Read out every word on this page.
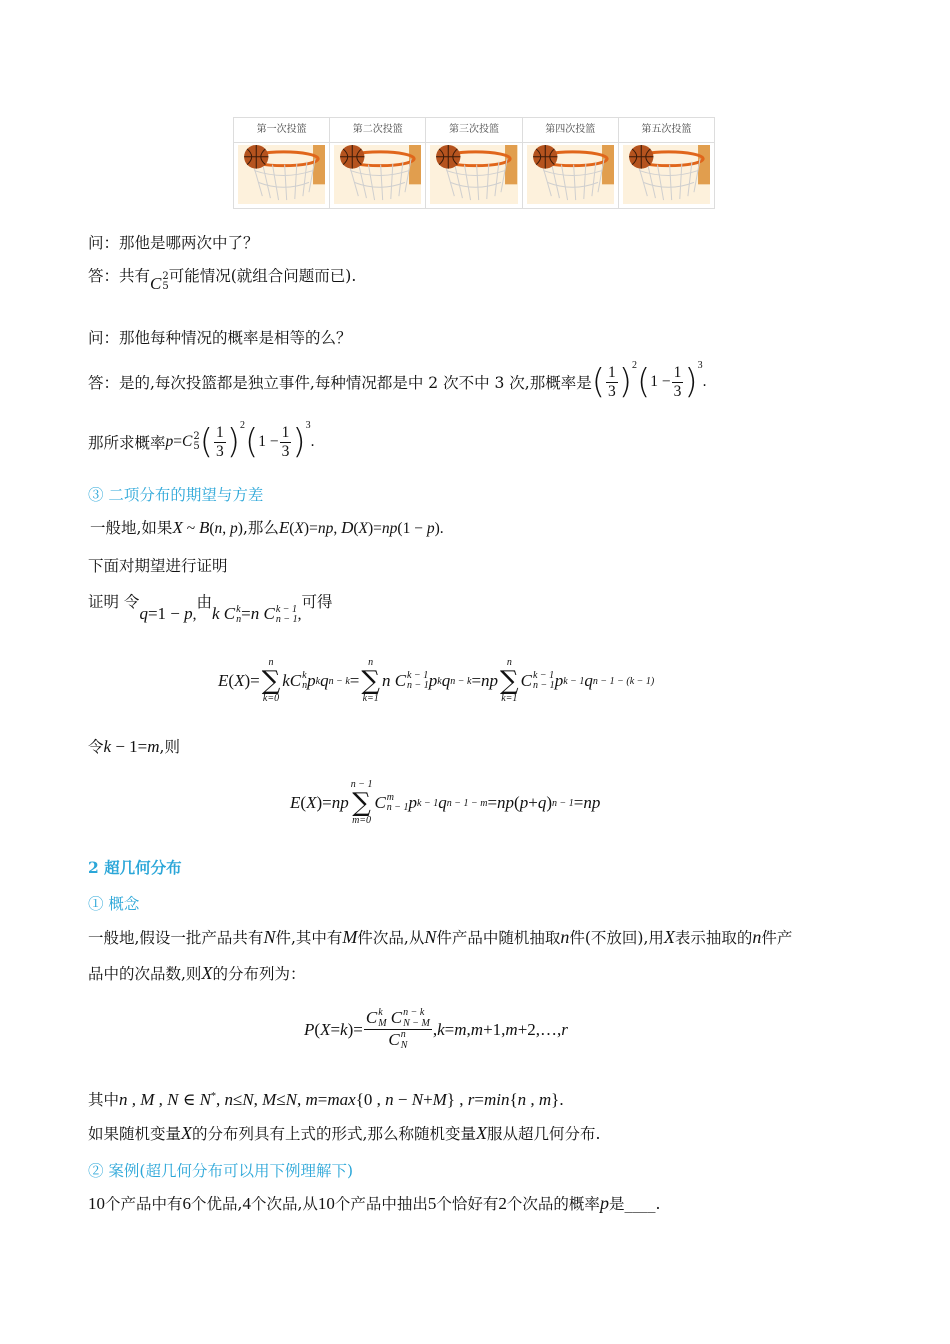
第一次投篮	第二次投篮	第三次投篮	第四次投篮	第五次投篮
问：那他是哪两次中了？
答：共有C 2
5
可能情况(就组合问题而已).
问：那他每种情况的概率是相等的么？
答：是的,每次投篮都是独立事件,每种情况都是中 2 次不中 3 次,那概率是 ( $\frac{1}{3}$ ) 2 ( $1 - \frac{1}{3}$ ) 3
.
那所求概率 p = C 2
5 ( $\frac{1}{3}$ ) 2 ( $1 - \frac{1}{3}$ ) 3
.
③ 二项分布的期望与方差
一般地,如果X ~ B(n, p),那么E(X)=np, D(X)=np(1 − p).
下面对期望进行证明
证明 令q=1 − p,由k C k
n =n C k − 1
n − 1 ,可得
E ( X )=
n
∑
k=0
kC k
n p k q n − k =
n
∑
k=1
n C k − 1
n − 1 p k q n − k = np
n
∑
k=1
C k − 1
n − 1 p k − 1 q n − 1 − (k − 1)
令k − 1=m,则
E ( X )= np
n − 1
∑
m=0
C m
n − 1 p k − 1 q n − 1 − m = np ( p + q ) n − 1 = np
2 超几何分布
① 概念
一般地,假设一批产品共有N件,其中有M件次品,从N件产品中随机抽取n件(不放回),用X表示抽取的n件产
品中的次品数,则X的分布列为：
P ( X = k )= C k
M C n − k
N − M
C n
N , k = m , m +1, m +2,…, r
其中n , M , N ∈ N*, n≤N, M≤N, m=max{0 , n − N+M} , r=min{n , m}.
如果随机变量X的分布列具有上式的形式,那么称随机变量X服从超几何分布.
② 案例(超几何分布可以用下例理解下)
10个产品中有6个优品,4个次品,从10个产品中抽出5个恰好有2个次品的概率p是____.
